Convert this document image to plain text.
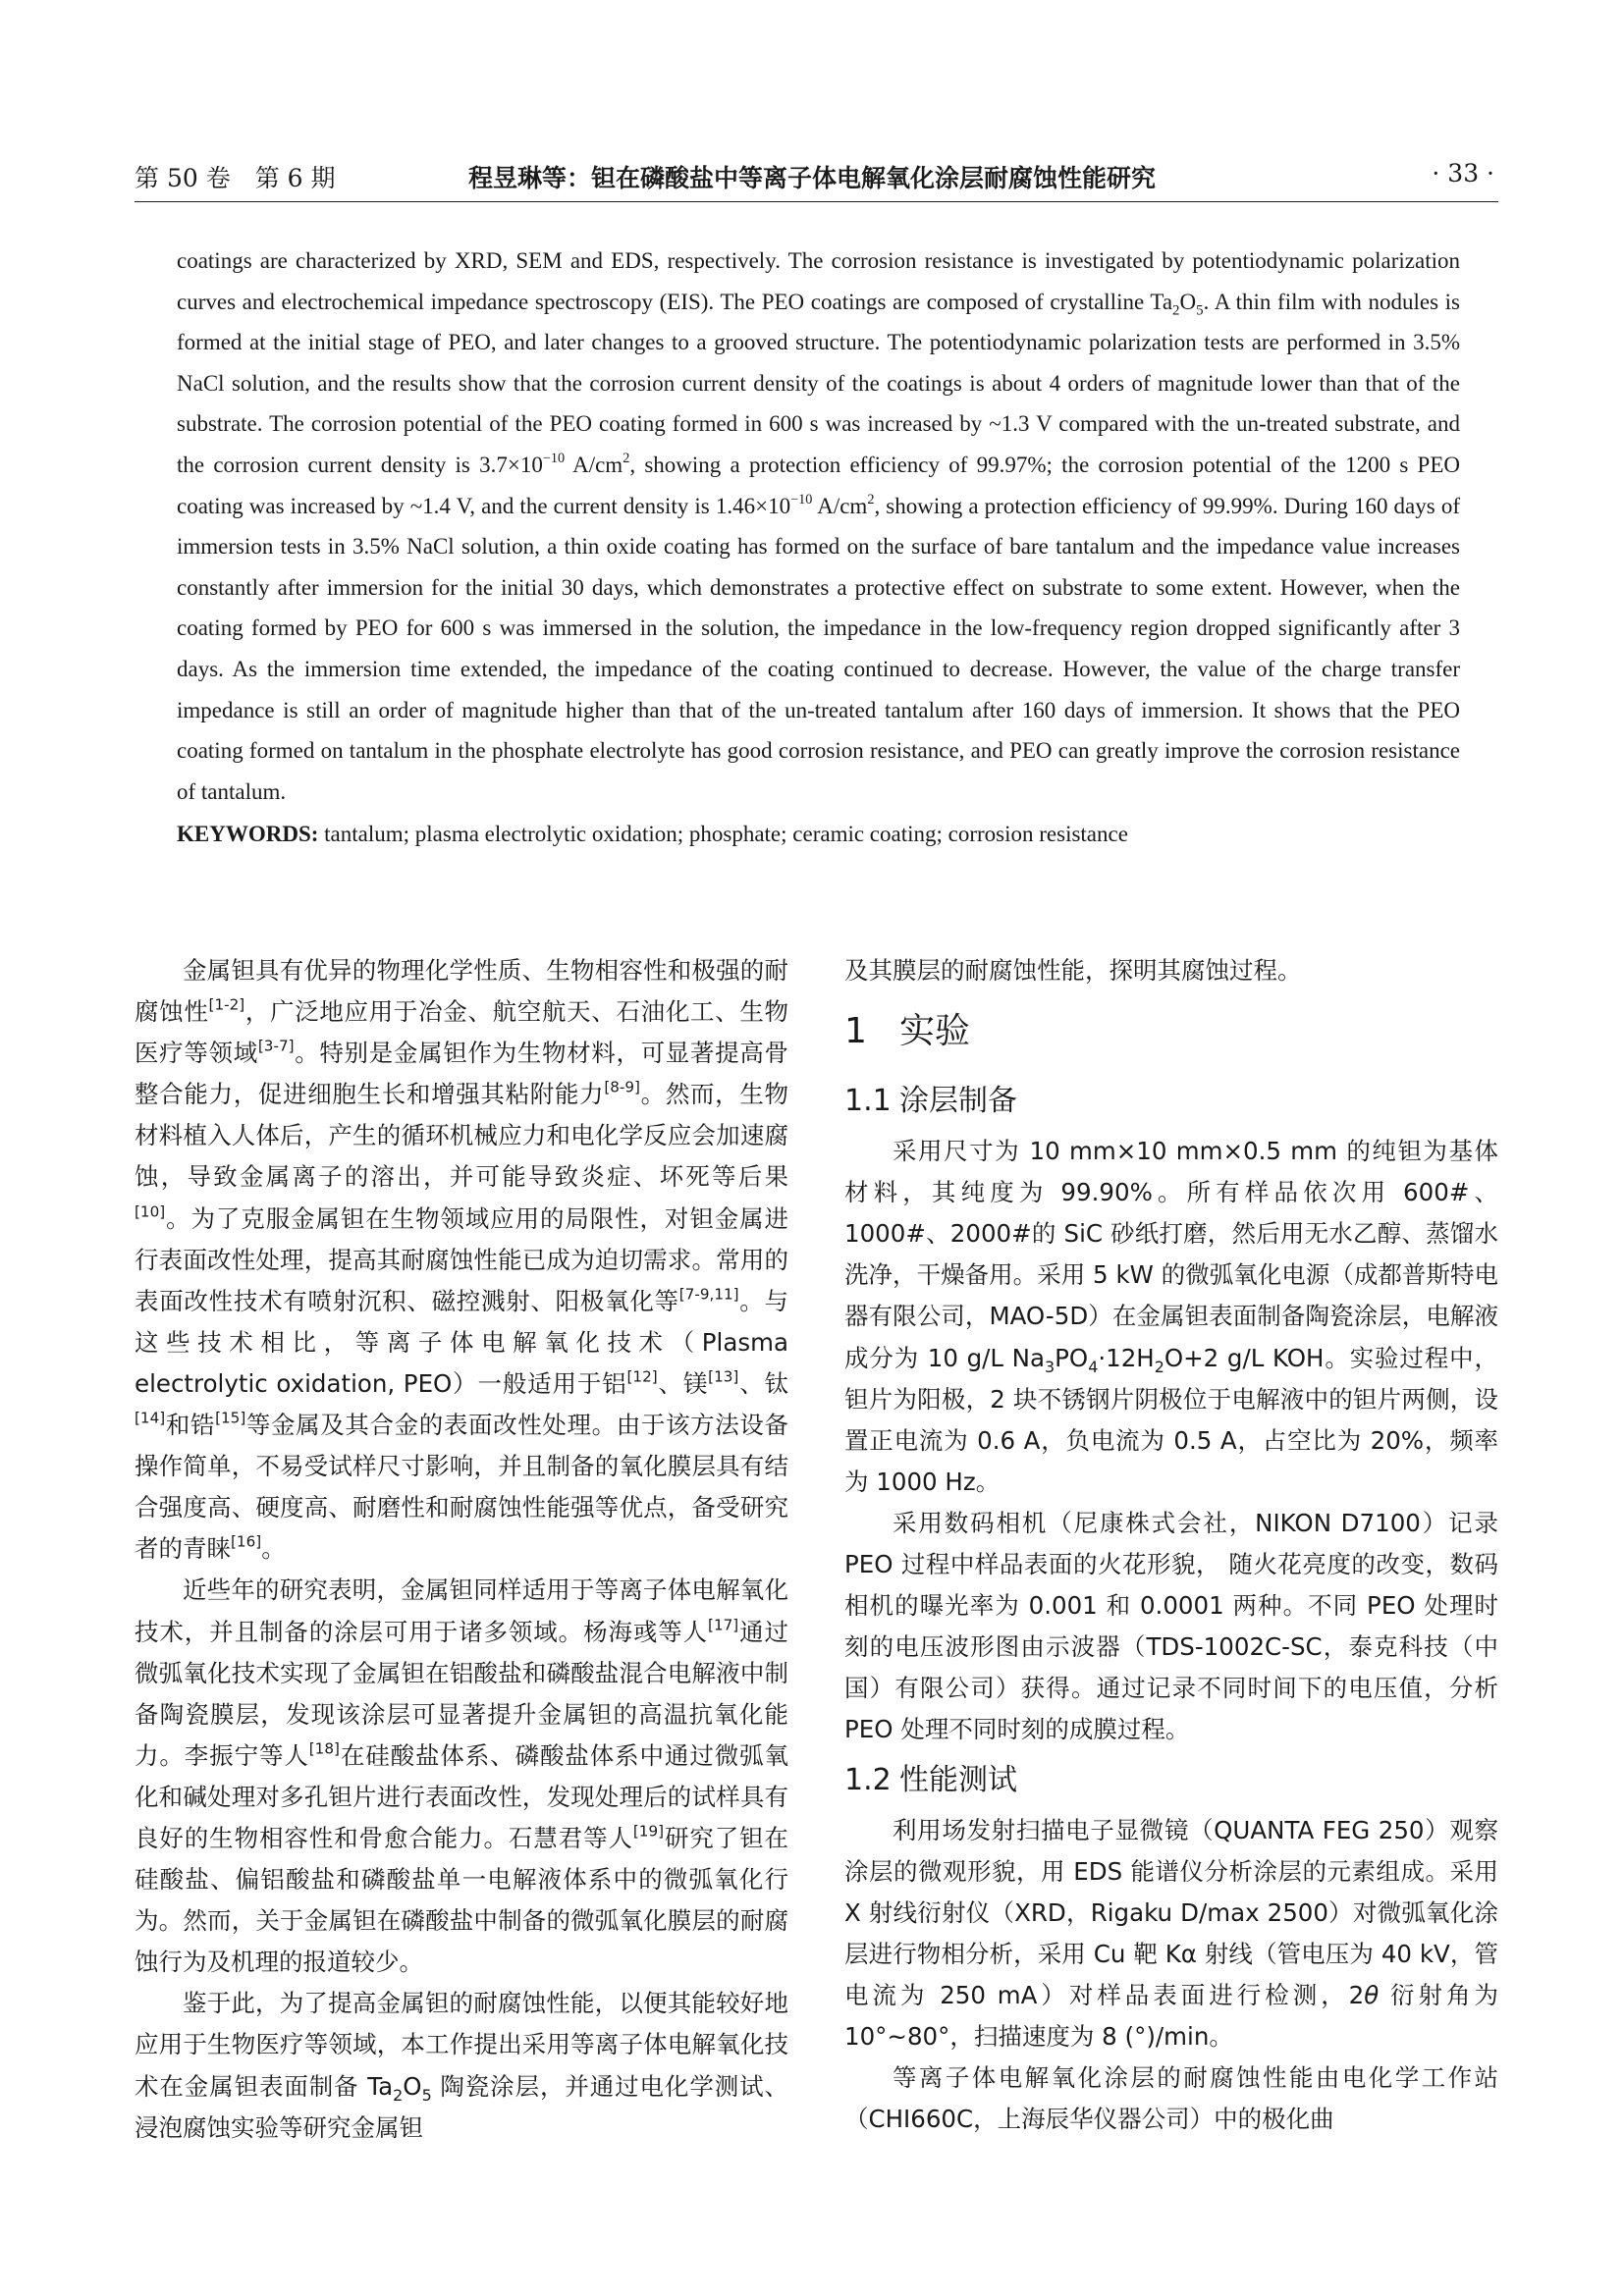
第 50 卷　第 6 期	程昱琳等：钽在磷酸盐中等离子体电解氧化涂层耐腐蚀性能研究	· 33 ·

coatings are characterized by XRD, SEM and EDS, respectively. The corrosion resistance is investigated by potentiodynamic polarization curves and electrochemical impedance spectroscopy (EIS). The PEO coatings are composed of crystalline $Ta_2O_5$. A thin film with nodules is formed at the initial stage of PEO, and later changes to a grooved structure. The potentiodynamic polarization tests are performed in 3.5% NaCl solution, and the results show that the corrosion current density of the coatings is about 4 orders of magnitude lower than that of the substrate. The corrosion potential of the PEO coating formed in 600 s was increased by ~1.3 V compared with the un-treated substrate, and the corrosion current density is $3.7\times 10^{-10}$ $A/cm^2$, showing a protection efficiency of 99.97%; the corrosion potential of the 1200 s PEO coating was increased by ~1.4 V, and the current density is $1.46\times 10^{-10}$ $A/cm^2$, showing a protection efficiency of 99.99%. During 160 days of immersion tests in 3.5% NaCl solution, a thin oxide coating has formed on the surface of bare tantalum and the impedance value increases constantly after immersion for the initial 30 days, which demonstrates a protective effect on substrate to some extent. However, when the coating formed by PEO for 600 s was immersed in the solution, the impedance in the low-frequency region dropped significantly after 3 days. As the immersion time extended, the impedance of the coating continued to decrease. However, the value of the charge transfer impedance is still an order of magnitude higher than that of the un-treated tantalum after 160 days of immersion. It shows that the PEO coating formed on tantalum in the phosphate electrolyte has good corrosion resistance, and PEO can greatly improve the corrosion resistance of tantalum.

KEYWORDS: tantalum; plasma electrolytic oxidation; phosphate; ceramic coating; corrosion resistance

金属钽具有优异的物理化学性质、生物相容性和极强的耐腐蚀性[1-2]，广泛地应用于冶金、航空航天、石油化工、生物医疗等领域[3-7]。特别是金属钽作为生物材料，可显著提高骨整合能力，促进细胞生长和增强其粘附能力[8-9]。然而，生物材料植入人体后，产生的循环机械应力和电化学反应会加速腐蚀，导致金属离子的溶出，并可能导致炎症、坏死等后果[10]。为了克服金属钽在生物领域应用的局限性，对钽金属进行表面改性处理，提高其耐腐蚀性能已成为迫切需求。常用的表面改性技术有喷射沉积、磁控溅射、阳极氧化等[7-9,11]。与这些技术相比，等离子体电解氧化技术（Plasma electrolytic oxidation, PEO）一般适用于铝[12]、镁[13]、钛[14]和锆[15]等金属及其合金的表面改性处理。由于该方法设备操作简单，不易受试样尺寸影响，并且制备的氧化膜层具有结合强度高、硬度高、耐磨性和耐腐蚀性能强等优点，备受研究者的青睐[16]。

近些年的研究表明，金属钽同样适用于等离子体电解氧化技术，并且制备的涂层可用于诸多领域。杨海彧等人[17]通过微弧氧化技术实现了金属钽在铝酸盐和磷酸盐混合电解液中制备陶瓷膜层，发现该涂层可显著提升金属钽的高温抗氧化能力。李振宁等人[18]在硅酸盐体系、磷酸盐体系中通过微弧氧化和碱处理对多孔钽片进行表面改性，发现处理后的试样具有良好的生物相容性和骨愈合能力。石慧君等人[19]研究了钽在硅酸盐、偏铝酸盐和磷酸盐单一电解液体系中的微弧氧化行为。然而，关于金属钽在磷酸盐中制备的微弧氧化膜层的耐腐蚀行为及机理的报道较少。

鉴于此，为了提高金属钽的耐腐蚀性能，以便其能较好地应用于生物医疗等领域，本工作提出采用等离子体电解氧化技术在金属钽表面制备 $Ta_2O_5$ 陶瓷涂层，并通过电化学测试、浸泡腐蚀实验等研究金属钽

及其膜层的耐腐蚀性能，探明其腐蚀过程。

1 实验

1.1 涂层制备

采用尺寸为 10 mm×10 mm×0.5 mm 的纯钽为基体材料，其纯度为 99.90%。所有样品依次用 600#、1000#、2000#的 SiC 砂纸打磨，然后用无水乙醇、蒸馏水洗净，干燥备用。采用 5 kW 的微弧氧化电源（成都普斯特电器有限公司，MAO-5D）在金属钽表面制备陶瓷涂层，电解液成分为 10 g/L $Na_3PO_4\cdot 12H_2O+2$ g/L KOH。实验过程中，钽片为阳极，2 块不锈钢片阴极位于电解液中的钽片两侧，设置正电流为 0.6 A，负电流为 0.5 A，占空比为 20%，频率为 1000 Hz。

采用数码相机（尼康株式会社，NIKON D7100）记录 PEO 过程中样品表面的火花形貌， 随火花亮度的改变，数码相机的曝光率为 0.001 和 0.0001 两种。不同 PEO 处理时刻的电压波形图由示波器（TDS-1002C-SC，泰克科技（中国）有限公司）获得。通过记录不同时间下的电压值，分析 PEO 处理不同时刻的成膜过程。

1.2 性能测试

利用场发射扫描电子显微镜（QUANTA FEG 250）观察涂层的微观形貌，用 EDS 能谱仪分析涂层的元素组成。采用 X 射线衍射仪（XRD，Rigaku D/max 2500）对微弧氧化涂层进行物相分析，采用 Cu 靶 Kα 射线（管电压为 40 kV，管电流为 250 mA）对样品表面进行检测，2θ 衍射角为 10°~80°，扫描速度为 8 (°)/min。

等离子体电解氧化涂层的耐腐蚀性能由电化学工作站（CHI660C，上海辰华仪器公司）中的极化曲
